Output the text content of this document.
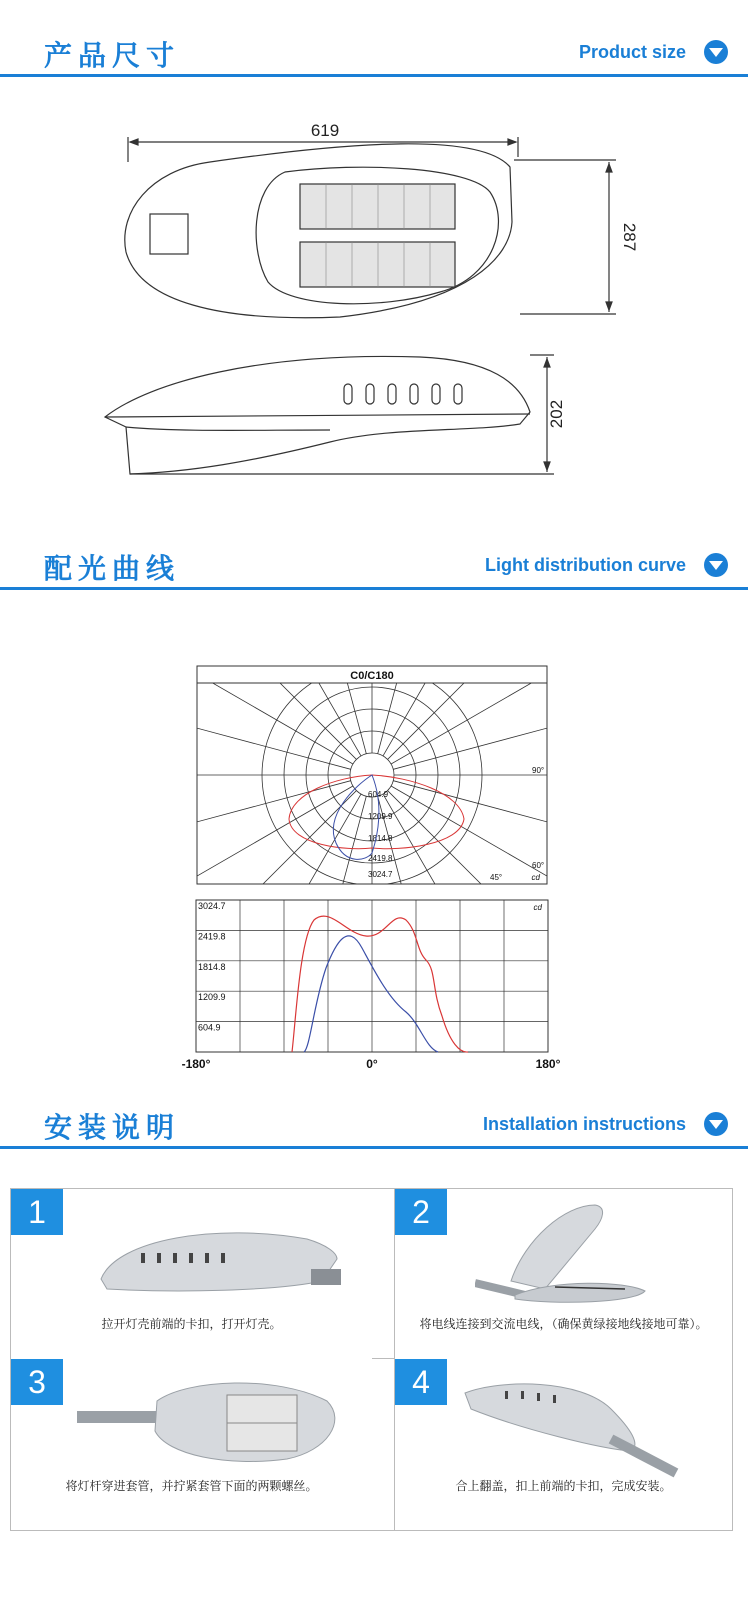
产品尺寸	Product size
619
287
202
配光曲线	Light distribution curve
C0/C180
604.9
1209.9
1814.8
2419.8
3024.7
90°
60°
45°	cd
3024.7
2419.8
1814.8
1209.9
604.9
cd
-180°	0°	180°
安装说明	Installation instructions
1
拉开灯壳前端的卡扣，打开灯壳。
2
将电线连接到交流电线，（确保黄绿接地线接地可靠）。
3
将灯杆穿进套管，并拧紧套管下面的两颗螺丝。
4
合上翻盖，扣上前端的卡扣，完成安装。
